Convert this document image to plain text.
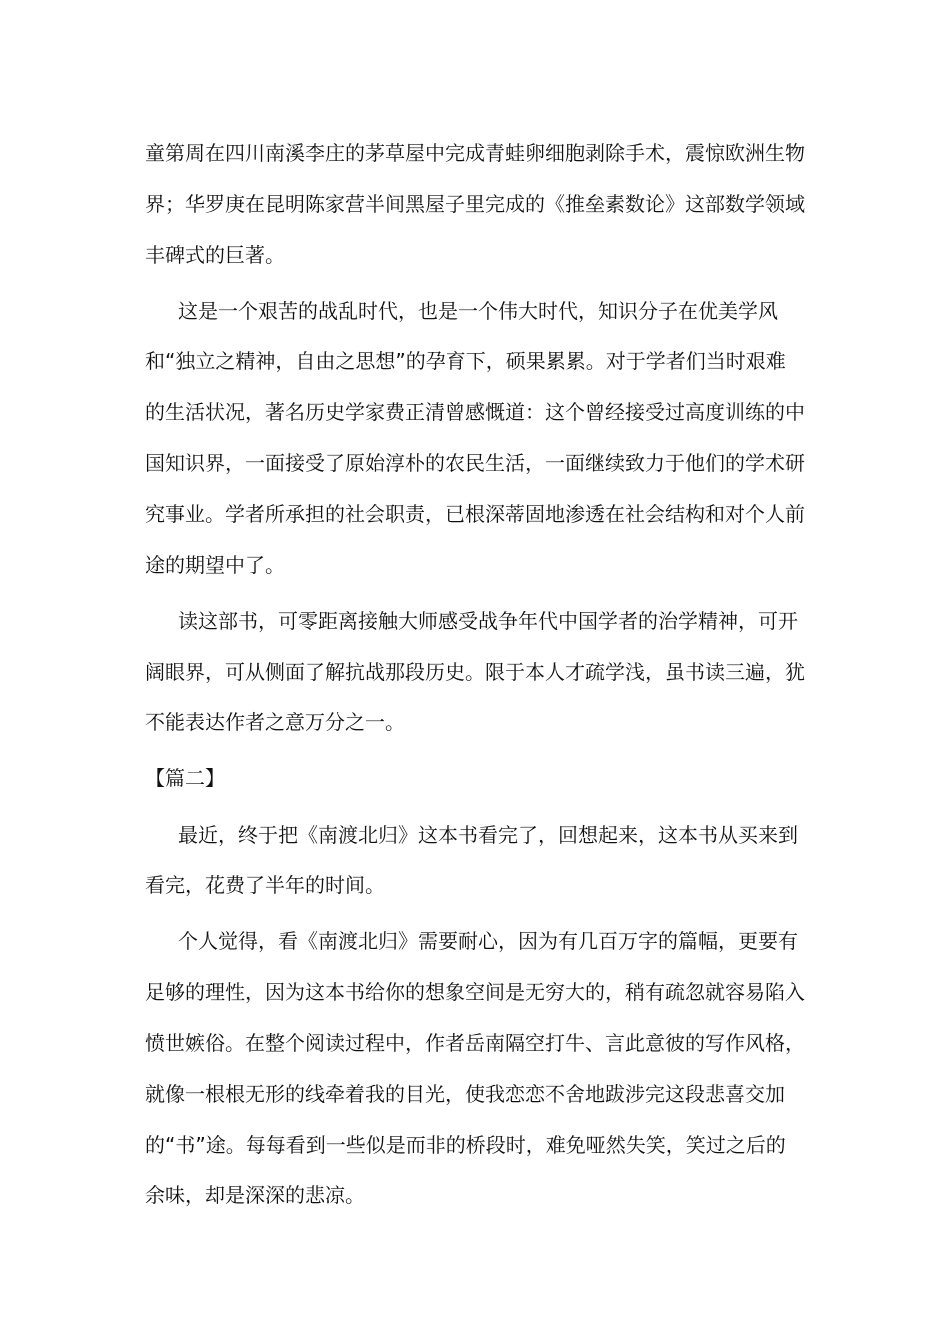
童第周在四川南溪李庄的茅草屋中完成青蛙卵细胞剥除手术，震惊欧洲生物界；华罗庚在昆明陈家营半间黑屋子里完成的《推垒素数论》这部数学领域丰碑式的巨著。

这是一个艰苦的战乱时代，也是一个伟大时代，知识分子在优美学风和“独立之精神，自由之思想”的孕育下，硕果累累。对于学者们当时艰难的生活状况，著名历史学家费正清曾感慨道：这个曾经接受过高度训练的中国知识界，一面接受了原始淳朴的农民生活，一面继续致力于他们的学术研究事业。学者所承担的社会职责，已根深蒂固地渗透在社会结构和对个人前途的期望中了。

读这部书，可零距离接触大师感受战争年代中国学者的治学精神，可开阔眼界，可从侧面了解抗战那段历史。限于本人才疏学浅，虽书读三遍，犹不能表达作者之意万分之一。

【篇二】

最近，终于把《南渡北归》这本书看完了，回想起来，这本书从买来到看完，花费了半年的时间。

个人觉得，看《南渡北归》需要耐心，因为有几百万字的篇幅，更要有足够的理性，因为这本书给你的想象空间是无穷大的，稍有疏忽就容易陷入愤世嫉俗。在整个阅读过程中，作者岳南隔空打牛、言此意彼的写作风格，就像一根根无形的线牵着我的目光，使我恋恋不舍地跋涉完这段悲喜交加的“书”途。每每看到一些似是而非的桥段时，难免哑然失笑，笑过之后的余味，却是深深的悲凉。
